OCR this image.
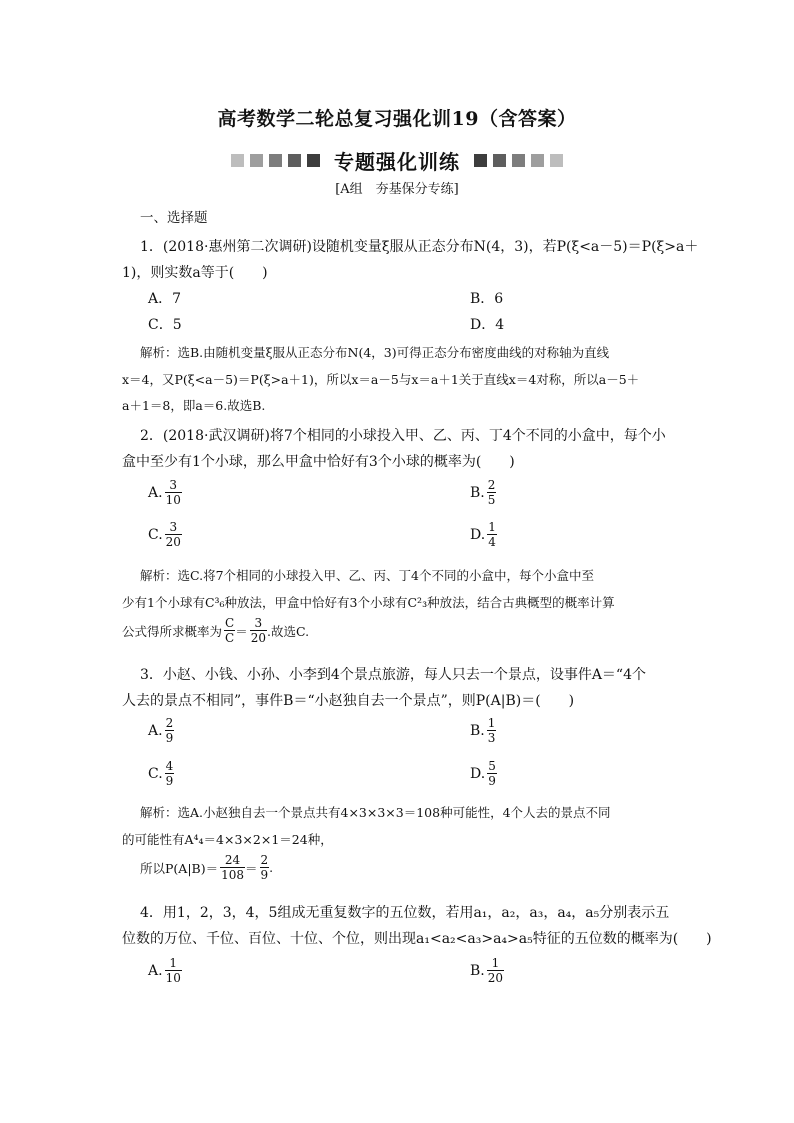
高考数学二轮总复习强化训19（含答案）
专题强化训练
[A组　夯基保分专练]
一、选择题
1．(2018·惠州第二次调研)设随机变量ξ服从正态分布N(4，3)，若P(ξ<a－5)＝P(ξ>a＋
1)，则实数a等于(　　)
A．7	B．6
C．5	D．4
解析：选B.由随机变量ξ服从正态分布N(4，3)可得正态分布密度曲线的对称轴为直线
x＝4，又P(ξ<a－5)＝P(ξ>a＋1)，所以x＝a－5与x＝a＋1关于直线x＝4对称，所以a－5＋
a＋1＝8，即a＝6.故选B.
2．(2018·武汉调研)将7个相同的小球投入甲、乙、丙、丁4个不同的小盒中，每个小
盒中至少有1个小球，那么甲盒中恰好有3个小球的概率为(　　)
A. $\frac{3}{10}$	B. $\frac{2}{5}$
C. $\frac{3}{20}$	D. $\frac{1}{4}$
解析：选C.将7个相同的小球投入甲、乙、丙、丁4个不同的小盒中，每个小盒中至
少有1个小球有C³₆种放法，甲盒中恰好有3个小球有C²₃种放法，结合古典概型的概率计算
公式得所求概率为 $\frac{C}{C} = \frac{3}{20}$ .故选C.
3．小赵、小钱、小孙、小李到4个景点旅游，每人只去一个景点，设事件A＝“4个
人去的景点不相同”，事件B＝“小赵独自去一个景点”，则P(A|B)＝(　　)
A. $\frac{2}{9}$	B. $\frac{1}{3}$
C. $\frac{4}{9}$	D. $\frac{5}{9}$
解析：选A.小赵独自去一个景点共有4×3×3×3＝108种可能性，4个人去的景点不同
的可能性有A⁴₄＝4×3×2×1＝24种，
所以$P(A|B)= \frac{24}{108} = \frac{2}{9}$ .
4．用1，2，3，4，5组成无重复数字的五位数，若用a₁，a₂，a₃，a₄，a₅分别表示五
位数的万位、千位、百位、十位、个位，则出现a₁<a₂<a₃>a₄>a₅特征的五位数的概率为(　　)
A. $\frac{1}{10}$	B. $\frac{1}{20}$
